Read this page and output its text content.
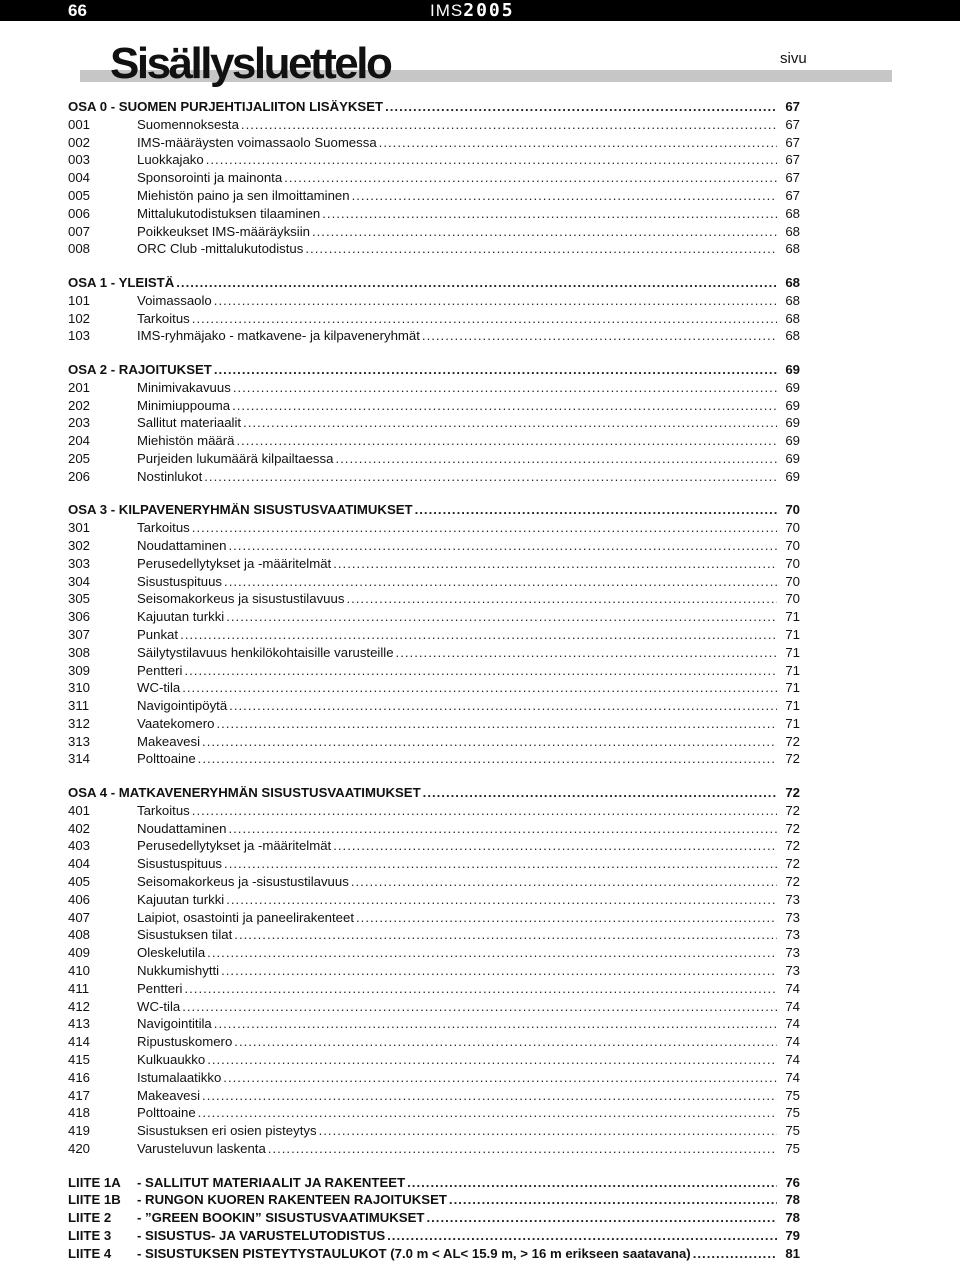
66	IMS2005
Sisällysluettelo	sivu
OSA 0 - SUOMEN PURJEHTIJALIITON LISÄYKSET .....	67
001	Suomennoksesta .....	67
002	IMS-määräysten voimassaolo Suomessa .....	67
003	Luokkajako .....	67
004	Sponsorointi ja mainonta .....	67
005	Miehistön paino ja sen ilmoittaminen .....	67
006	Mittalukutodistuksen tilaaminen .....	68
007	Poikkeukset IMS-määräyksiin .....	68
008	ORC Club -mittalukutodistus .....	68
OSA 1 - YLEISTÄ .....	68
101	Voimassaolo .....	68
102	Tarkoitus .....	68
103	IMS-ryhmäjako - matkavene- ja kilpaveneryhmät .....	68
OSA 2 - RAJOITUKSET .....	69
201	Minimivakavuus .....	69
202	Minimiuppouma .....	69
203	Sallitut materiaalit .....	69
204	Miehistön määrä .....	69
205	Purjeiden lukumäärä kilpailtaessa .....	69
206	Nostinlukot .....	69
OSA 3 - KILPAVENERYHMÄN SISUSTUSVAATIMUKSET .....	70
301	Tarkoitus .....	70
302	Noudattaminen .....	70
303	Perusedellytykset ja -määritelmät .....	70
304	Sisustuspituus .....	70
305	Seisomakorkeus ja sisustustilavuus .....	70
306	Kajuutan turkki .....	71
307	Punkat .....	71
308	Säilytystilavuus henkilökohtaisille varusteille .....	71
309	Pentteri .....	71
310	WC-tila .....	71
311	Navigointipöytä .....	71
312	Vaatekomero .....	71
313	Makeavesi .....	72
314	Polttoaine .....	72
OSA 4 - MATKAVENERYHMÄN SISUSTUSVAATIMUKSET .....	72
401	Tarkoitus .....	72
402	Noudattaminen .....	72
403	Perusedellytykset ja -määritelmät .....	72
404	Sisustuspituus .....	72
405	Seisomakorkeus ja -sisustustilavuus .....	72
406	Kajuutan turkki .....	73
407	Laipiot, osastointi ja paneelirakenteet .....	73
408	Sisustuksen tilat .....	73
409	Oleskelutila .....	73
410	Nukkumishytti .....	73
411	Pentteri .....	74
412	WC-tila .....	74
413	Navigointitila .....	74
414	Ripustuskomero .....	74
415	Kulkuaukko .....	74
416	Istumalaatikko .....	74
417	Makeavesi .....	75
418	Polttoaine .....	75
419	Sisustuksen eri osien pisteytys .....	75
420	Varusteluvun laskenta .....	75
LIITE 1A	- SALLITUT MATERIAALIT JA RAKENTEET .....	76
LIITE 1B	- RUNGON KUOREN RAKENTEEN RAJOITUKSET .....	78
LIITE 2	- ”GREEN BOOKIN” SISUSTUSVAATIMUKSET .....	78
LIITE 3	- SISUSTUS- JA VARUSTELUTODISTUS .....	79
LIITE 4	- SISUSTUKSEN PISTEYTYSTAULUKOT (7.0 m < AL< 15.9 m, > 16 m erikseen saatavana) .....	81
